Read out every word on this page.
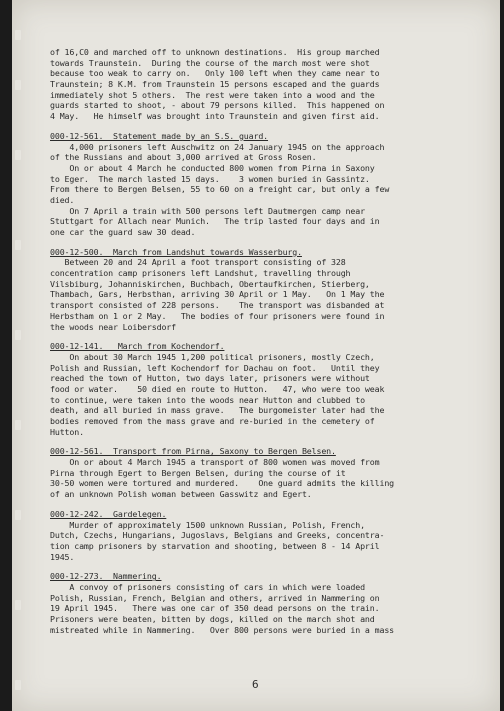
of 16,C0 and marched off to unknown destinations.  His group marched
towards Traunstein.  During the course of the march most were shot
because too weak to carry on.   Only 100 left when they came near to
Traunstein; 8 K.M. from Traunstein 15 persons escaped and the guards
immediately shot 5 others.  The rest were taken into a wood and the
guards started to shoot, - about 79 persons killed.  This happened on
4 May.   He himself was brought into Traunstein and given first aid.
000-12-561.  Statement made by an S.S. guard.
4,000 prisoners left Auschwitz on 24 January 1945 on the approach
of the Russians and about 3,000 arrived at Gross Rosen.
On or about 4 March he conducted 800 women from Pirna in Saxony
to Eger.  The march lasted 15 days.    3 women buried in Gassintz.
From there to Bergen Belsen, 55 to 60 on a freight car, but only a few
died.
On 7 April a train with 500 persons left Dautmergen camp near
Stuttgart for Allach near Munich.   The trip lasted four days and in
one car the guard saw 30 dead.
000-12-500.  March from Landshut towards Wasserburg.
Between 20 and 24 April a foot transport consisting of 328
concentration camp prisoners left Landshut, travelling through
Vilsbiburg, Johanniskirchen, Buchbach, Obertaufkirchen, Stierberg,
Thambach, Gars, Herbsthan, arriving 30 April or 1 May.   On 1 May the
transport consisted of 228 persons.    The transport was disbanded at
Herbstham on 1 or 2 May.   The bodies of four prisoners were found in
the woods near Loibersdorf
000-12-141.   March from Kochendorf.
On about 30 March 1945 1,200 political prisoners, mostly Czech,
Polish and Russian, left Kochendorf for Dachau on foot.   Until they
reached the town of Hutton, two days later, prisoners were without
food or water.    50 died en route to Hutton.   47, who were too weak
to continue, were taken into the woods near Hutton and clubbed to
death, and all buried in mass grave.   The burgomeister later had the
bodies removed from the mass grave and re-buried in the cemetery of
Hutton.
000-12-561.  Transport from Pirna, Saxony to Bergen Belsen.
On or about 4 March 1945 a transport of 800 women was moved from
Pirna through Egert to Bergen Belsen, during the course of it
30-50 women were tortured and murdered.    One guard admits the killing
of an unknown Polish woman between Gasswitz and Egert.
000-12-242.  Gardelegen.
Murder of approximately 1500 unknown Russian, Polish, French,
Dutch, Czechs, Hungarians, Jugoslavs, Belgians and Greeks, concentra-
tion camp prisoners by starvation and shooting, between 8 - 14 April
1945.
000-12-273.  Nammering.
A convoy of prisoners consisting of cars in which were loaded
Polish, Russian, French, Belgian and others, arrived in Nammering on
19 April 1945.   There was one car of 350 dead persons on the train.
Prisoners were beaten, bitten by dogs, killed on the march shot and
mistreated while in Nammering.   Over 800 persons were buried in a mass
6
